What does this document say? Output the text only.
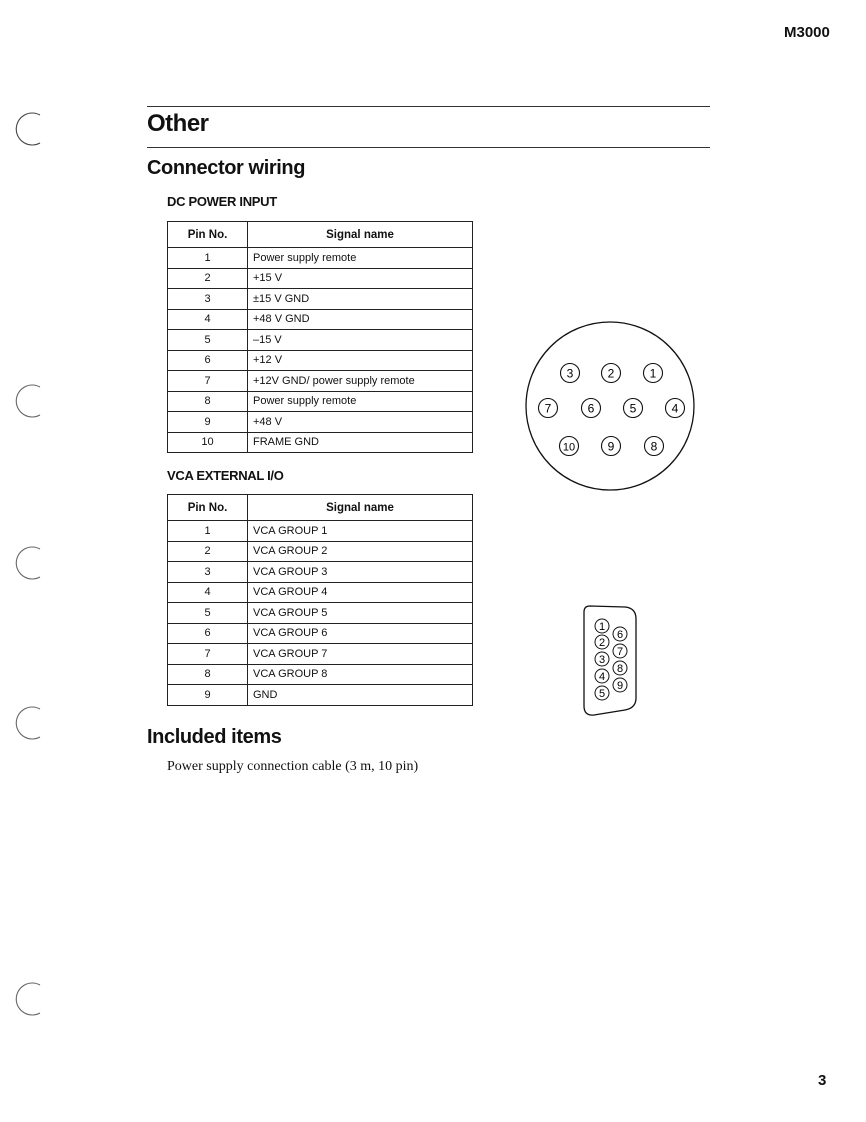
M3000
Other
Connector wiring
DC POWER INPUT
Pin No.	Signal name
1	Power supply remote
2	+15 V
3	±15 V GND
4	+48 V GND
5	–15 V
6	+12 V
7	+12V GND/ power supply remote
8	Power supply remote
9	+48 V
10	FRAME GND
3	2	1
7	6	5	4
10	9	8
VCA EXTERNAL I/O
Pin No.	Signal name
1	VCA GROUP 1
2	VCA GROUP 2
3	VCA GROUP 3
4	VCA GROUP 4
5	VCA GROUP 5
6	VCA GROUP 6
7	VCA GROUP 7
8	VCA GROUP 8
9	GND
1
2
3
4
5
6
7
8
9
Included items
Power supply connection cable (3 m, 10 pin)
3
